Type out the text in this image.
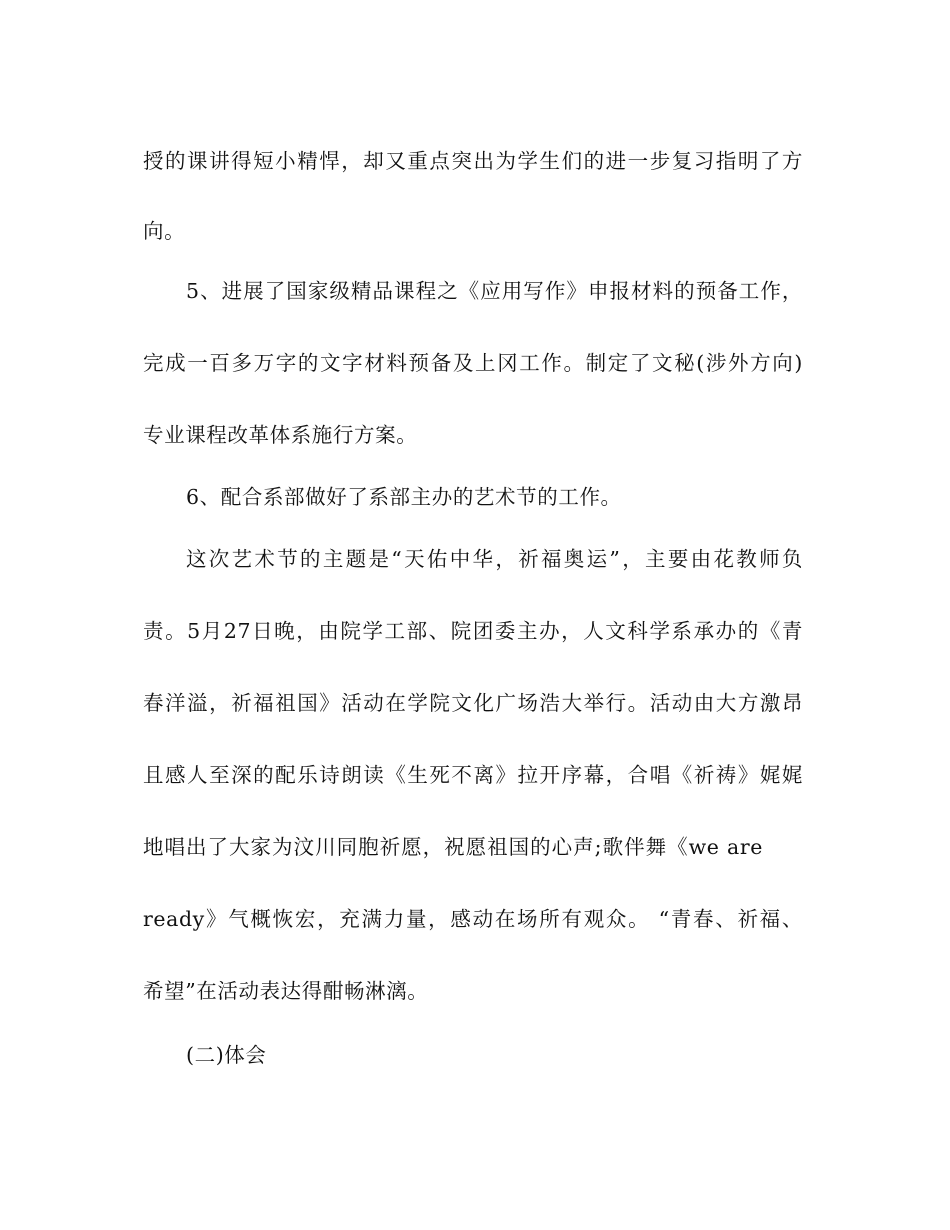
授的课讲得短小精悍，却又重点突出为学生们的进一步复习指明了方
向。
5、进展了国家级精品课程之《应用写作》申报材料的预备工作，
完成一百多万字的文字材料预备及上冈工作。制定了文秘(涉外方向)
专业课程改革体系施行方案。
6、配合系部做好了系部主办的艺术节的工作。
这次艺术节的主题是“天佑中华，祈福奥运”，主要由花教师负
责。5月27日晚，由院学工部、院团委主办，人文科学系承办的《青
春洋溢，祈福祖国》活动在学院文化广场浩大举行。活动由大方激昂
且感人至深的配乐诗朗读《生死不离》拉开序幕，合唱《祈祷》娓娓
地唱出了大家为汶川同胞祈愿，祝愿祖国的心声;歌伴舞《we are
ready》气概恢宏，充满力量，感动在场所有观众。 “青春、祈福、
希望”在活动表达得酣畅淋漓。
(二)体会
